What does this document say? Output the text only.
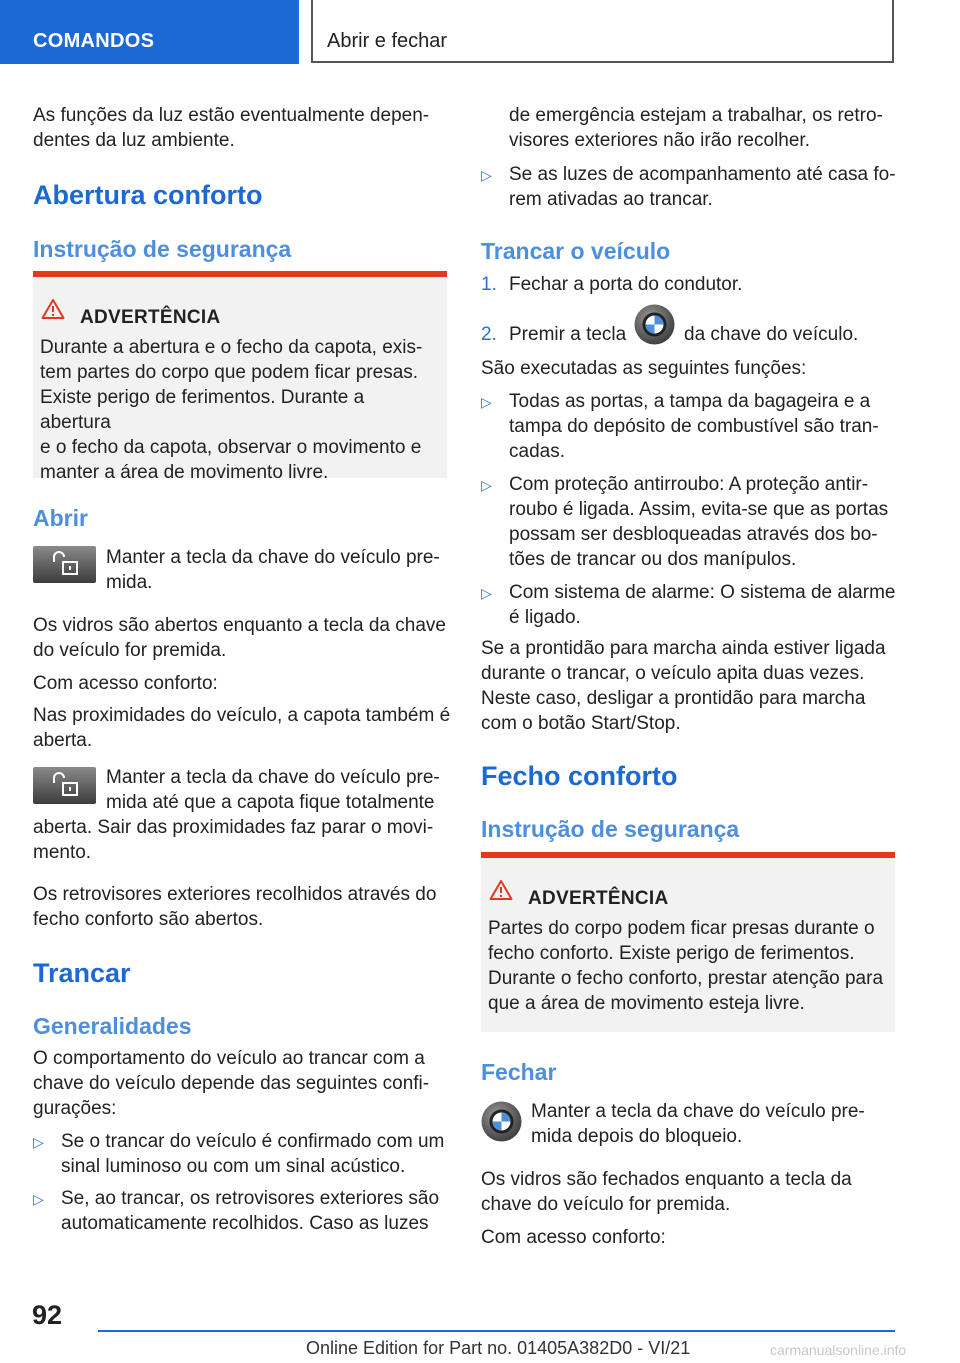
COMANDOS	Abrir e fechar
As funções da luz estão eventualmente depen-
dentes da luz ambiente.
Abertura conforto
Instrução de segurança
ADVERTÊNCIA
Durante a abertura e o fecho da capota, exis-
tem partes do corpo que podem ficar presas.
Existe perigo de ferimentos. Durante a abertura
e o fecho da capota, observar o movimento e
manter a área de movimento livre.
Abrir
Manter a tecla da chave do veículo pre-
mida.
Os vidros são abertos enquanto a tecla da chave
do veículo for premida.
Com acesso conforto:
Nas proximidades do veículo, a capota também é
aberta.
Manter a tecla da chave do veículo pre-
mida até que a capota fique totalmente
aberta. Sair das proximidades faz parar o movi-
mento.
Os retrovisores exteriores recolhidos através do
fecho conforto são abertos.
Trancar
Generalidades
O comportamento do veículo ao trancar com a
chave do veículo depende das seguintes confi-
gurações:
▷ Se o trancar do veículo é confirmado com um
sinal luminoso ou com um sinal acústico.
▷ Se, ao trancar, os retrovisores exteriores são
automaticamente recolhidos. Caso as luzes
de emergência estejam a trabalhar, os retro-
visores exteriores não irão recolher.
▷ Se as luzes de acompanhamento até casa fo-
rem ativadas ao trancar.
Trancar o veículo
1. Fechar a porta do condutor.
2. Premir a tecla	da chave do veículo.
São executadas as seguintes funções:
▷ Todas as portas, a tampa da bagageira e a
tampa do depósito de combustível são tran-
cadas.
▷ Com proteção antirroubo: A proteção antir-
roubo é ligada. Assim, evita-se que as portas
possam ser desbloqueadas através dos bo-
tões de trancar ou dos manípulos.
▷ Com sistema de alarme: O sistema de alarme
é ligado.
Se a prontidão para marcha ainda estiver ligada
durante o trancar, o veículo apita duas vezes.
Neste caso, desligar a prontidão para marcha
com o botão Start/Stop.
Fecho conforto
Instrução de segurança
ADVERTÊNCIA
Partes do corpo podem ficar presas durante o
fecho conforto. Existe perigo de ferimentos.
Durante o fecho conforto, prestar atenção para
que a área de movimento esteja livre.
Fechar
Manter a tecla da chave do veículo pre-
mida depois do bloqueio.
Os vidros são fechados enquanto a tecla da
chave do veículo for premida.
Com acesso conforto:
92
Online Edition for Part no. 01405A382D0 - VI/21	carmanualsonline.info
